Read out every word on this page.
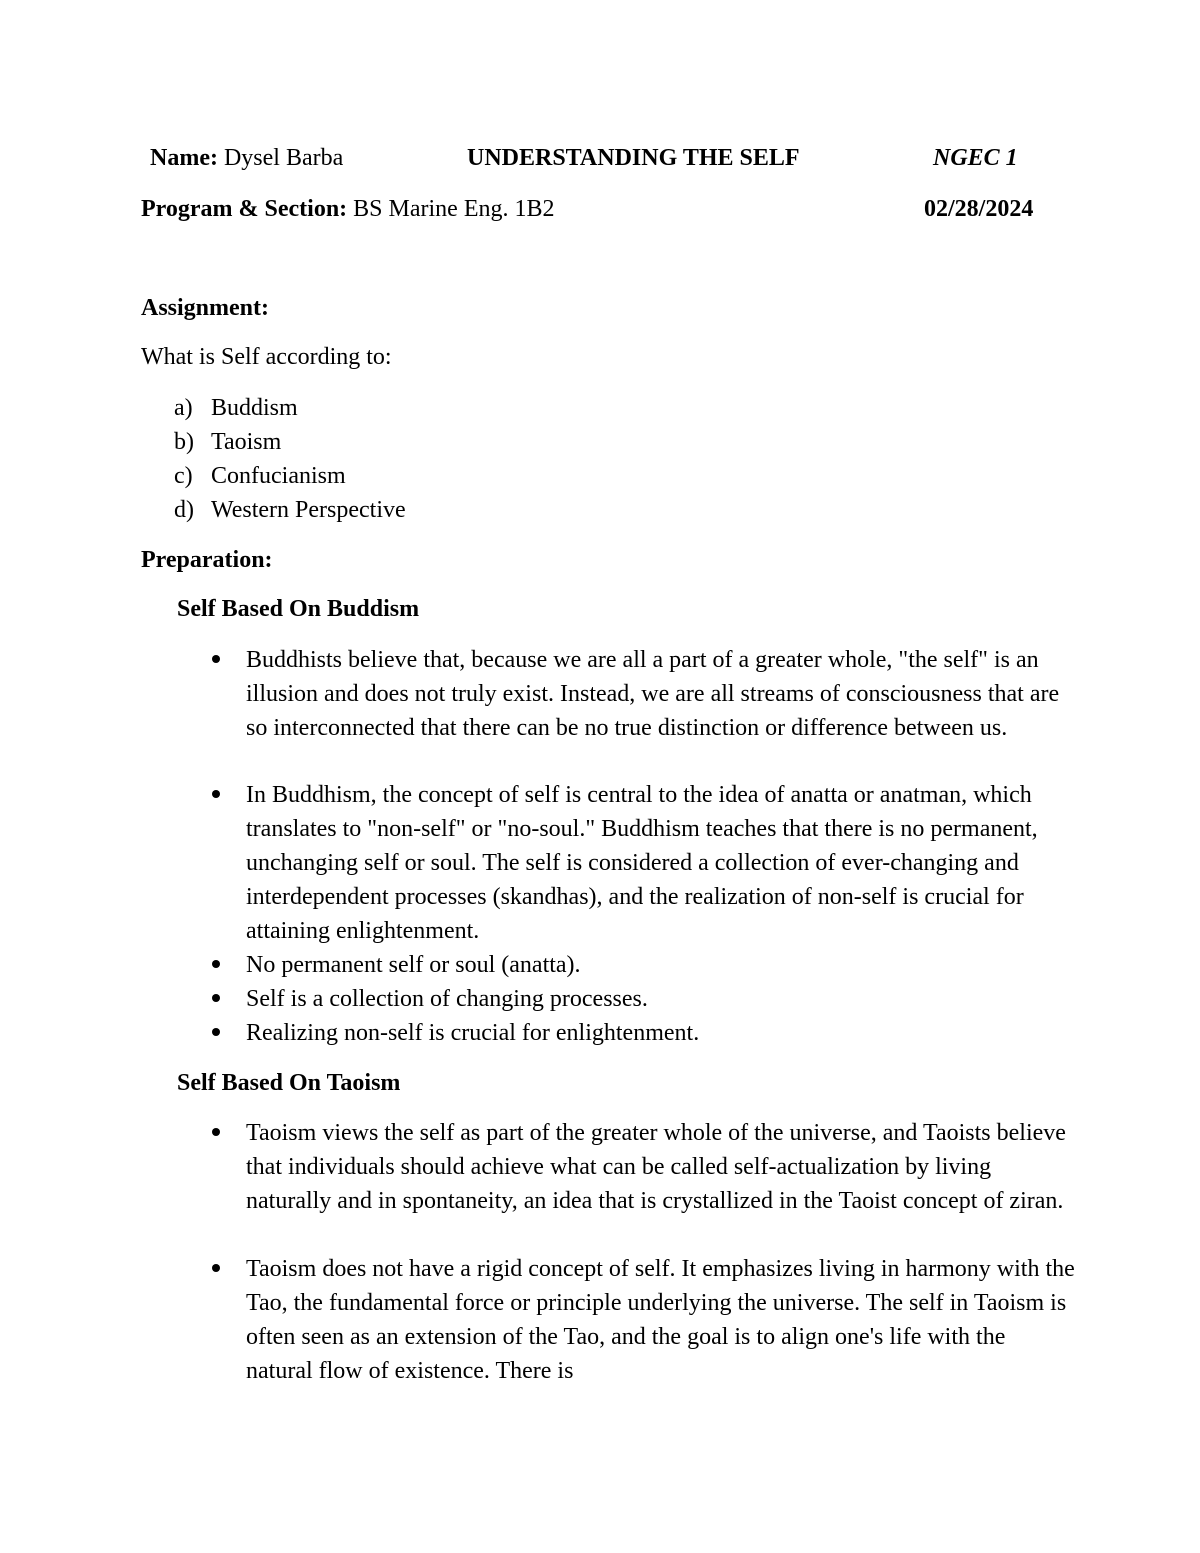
Name: Dysel Barba	UNDERSTANDING THE SELF	NGEC 1
Program & Section: BS Marine Eng. 1B2	02/28/2024
Assignment:
What is Self according to:
a) Buddism
b) Taoism
c) Confucianism
d) Western Perspective
Preparation:
Self Based On Buddism
Buddhists believe that, because we are all a part of a greater whole, "the self" is an illusion and does not truly exist. Instead, we are all streams of consciousness that are so interconnected that there can be no true distinction or difference between us.
In Buddhism, the concept of self is central to the idea of anatta or anatman, which translates to "non-self" or "no-soul." Buddhism teaches that there is no permanent, unchanging self or soul. The self is considered a collection of ever-changing and interdependent processes (skandhas), and the realization of non-self is crucial for attaining enlightenment.
No permanent self or soul (anatta).
Self is a collection of changing processes.
Realizing non-self is crucial for enlightenment.
Self Based On Taoism
Taoism views the self as part of the greater whole of the universe, and Taoists believe that individuals should achieve what can be called self-actualization by living naturally and in spontaneity, an idea that is crystallized in the Taoist concept of ziran.
Taoism does not have a rigid concept of self. It emphasizes living in harmony with the Tao, the fundamental force or principle underlying the universe. The self in Taoism is often seen as an extension of the Tao, and the goal is to align one's life with the natural flow of existence. There is
